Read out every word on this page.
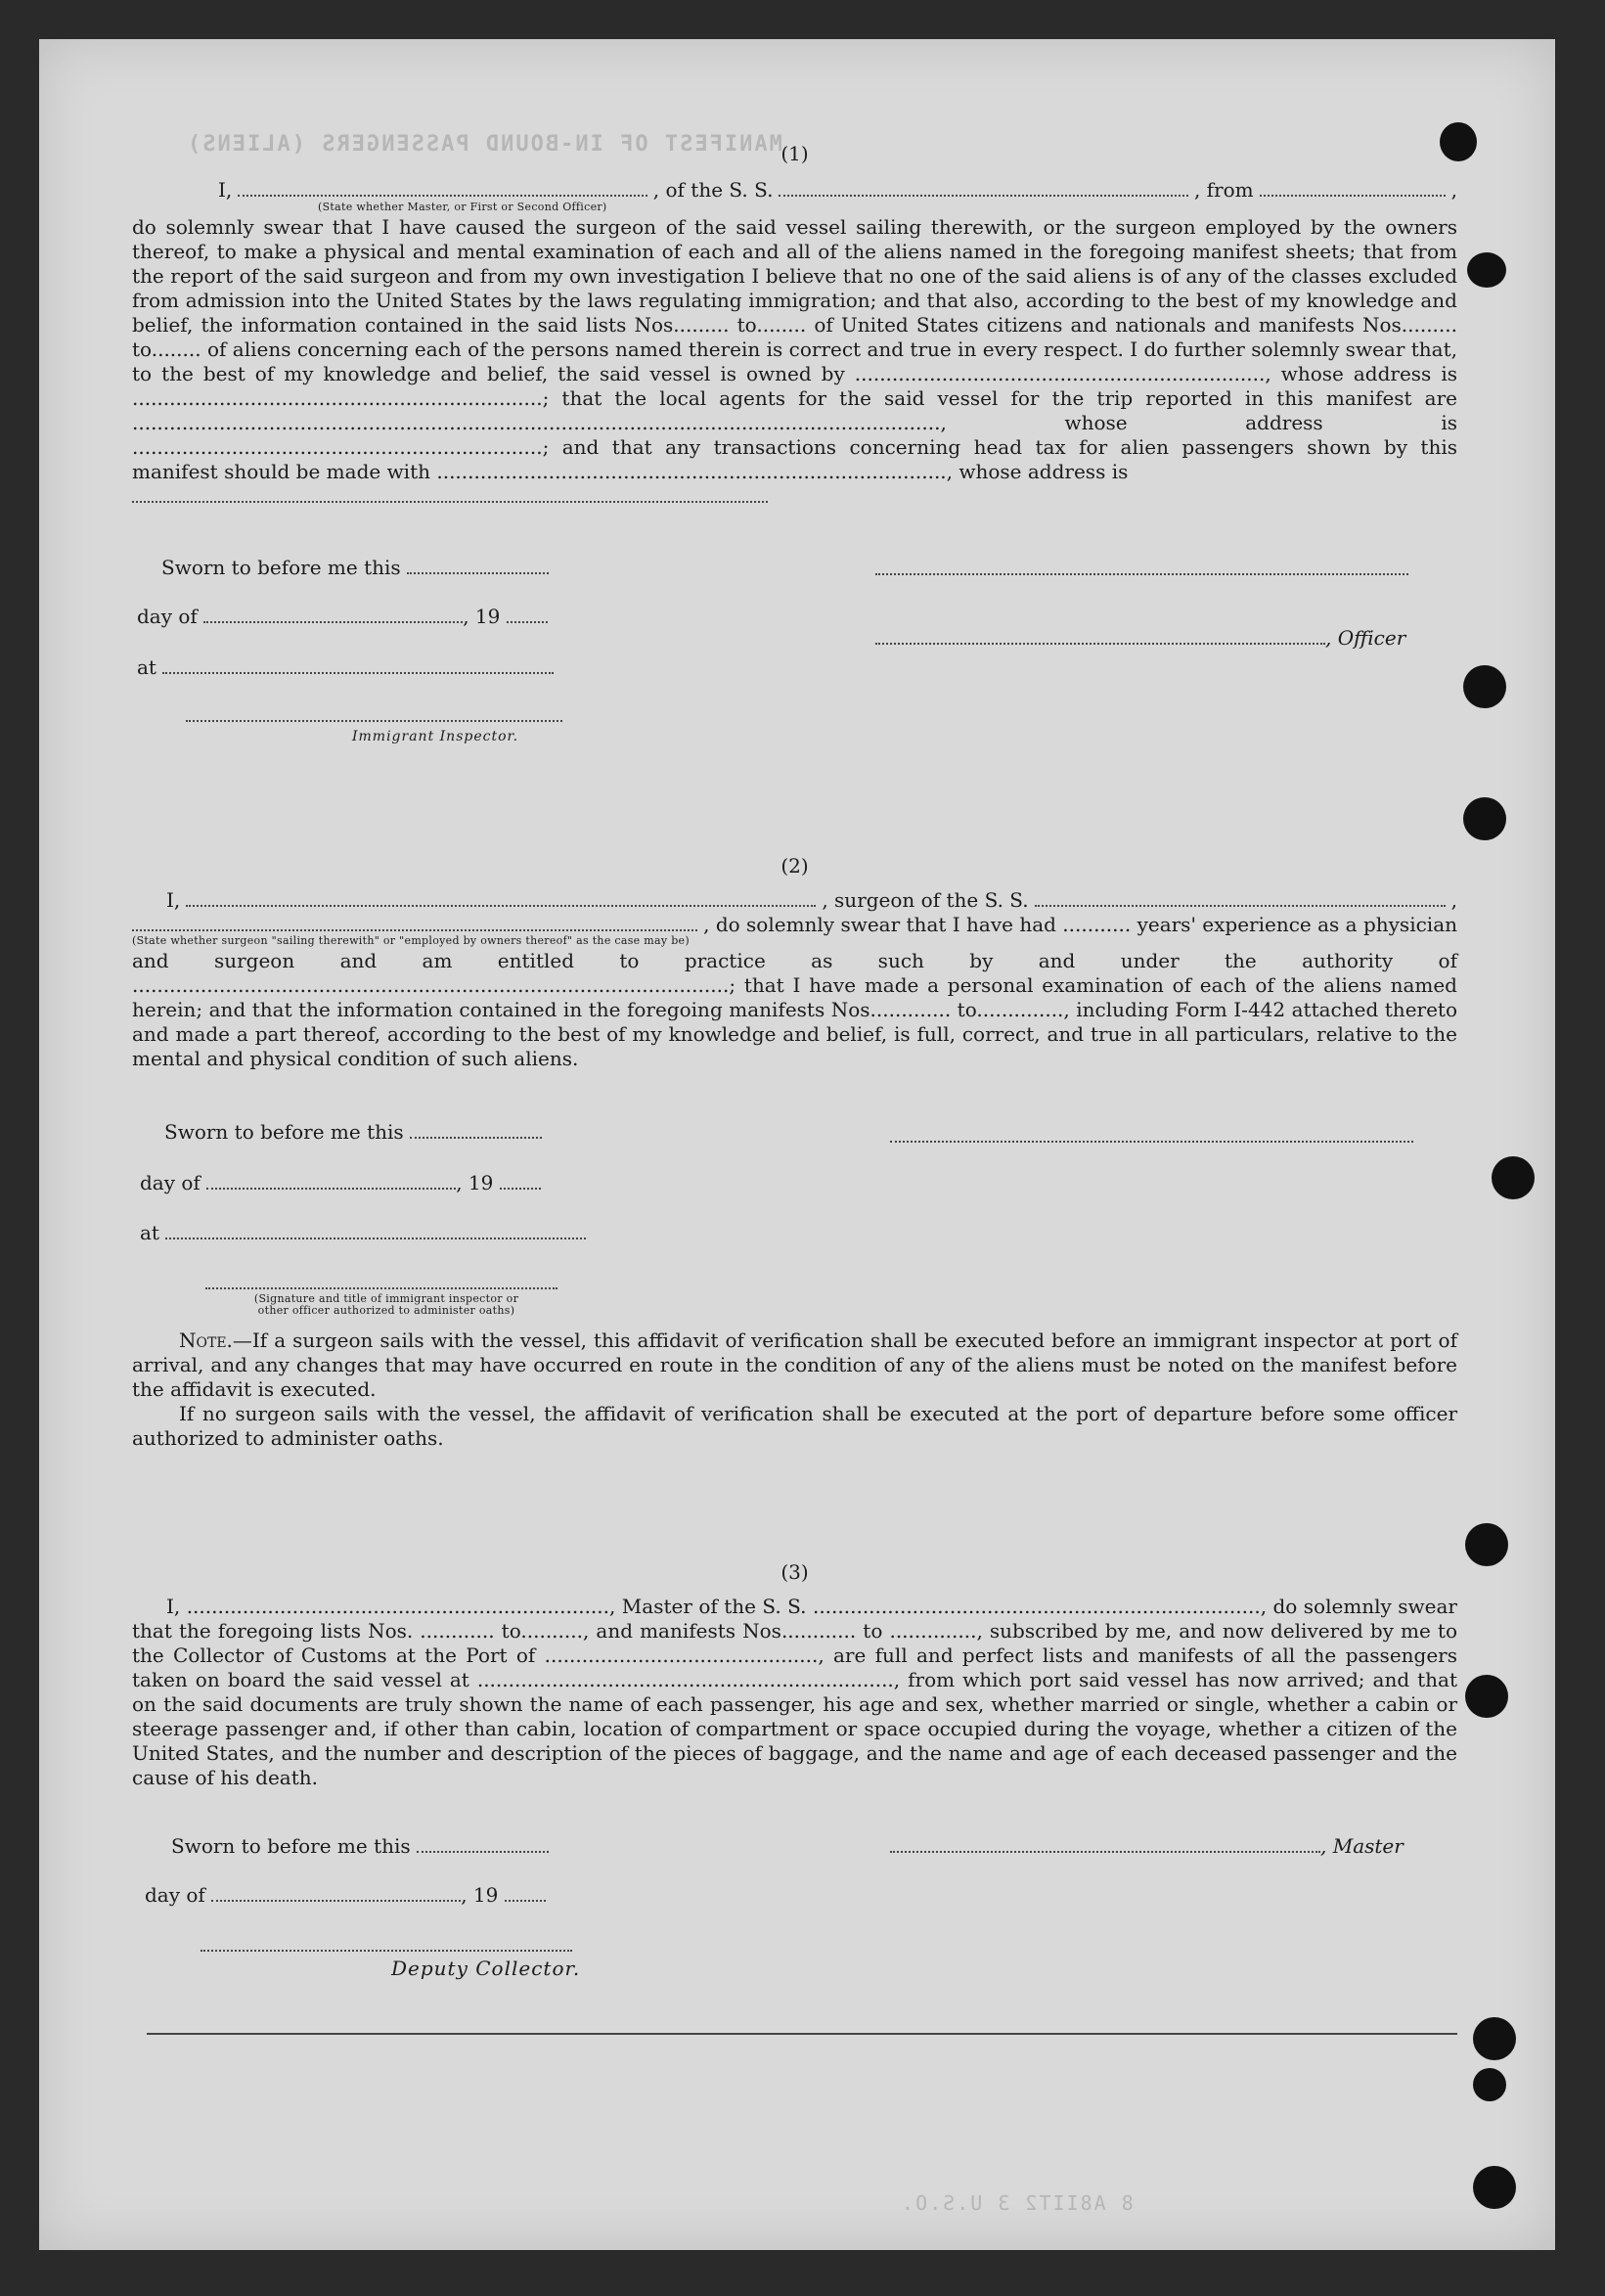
MANIFEST OF IN-BOUND PASSENGERS (ALIENS)
8 A8IIT2 3 U.S.O.
(1)
I,	, of the S. S.	, from	,
(State whether Master, or First or Second Officer)

do solemnly swear that I have caused the surgeon of the said vessel sailing therewith, or the surgeon employed by the owners thereof, to make a physical and mental examination of each and all of the aliens named in the foregoing manifest sheets; that from the report of the said surgeon and from my own investigation I believe that no one of the said aliens is of any of the classes excluded from admission into the United States by the laws regulating immigration; and that also, according to the best of my knowledge and belief, the information contained in the said lists Nos......... to........ of United States citizens and nationals and manifests Nos......... to........ of aliens concerning each of the persons named therein is correct and true in every respect. I do further solemnly swear that, to the best of my knowledge and belief, the said vessel is owned by .................................................................., whose address is ..................................................................; that the local agents for the said vessel for the trip reported in this manifest are .................................................................................................................................., whose address is ..................................................................; and that any transactions concerning head tax for alien passengers shown by this manifest should be made with .................................................................................., whose address is

Sworn to before me this
day of	, 19
at
Immigrant Inspector.
, Officer
(2)
I,	, surgeon of the S. S.	,
, do solemnly swear that I have had ........... years' experience as a physician
(State whether surgeon "sailing therewith" or "employed by owners thereof" as the case may be)

and surgeon and am entitled to practice as such by and under the authority of ................................................................................................; that I have made a personal examination of each of the aliens named herein; and that the information contained in the foregoing manifests Nos............. to.............., including Form I-442 attached thereto and made a part thereof, according to the best of my knowledge and belief, is full, correct, and true in all particulars, relative to the mental and physical condition of such aliens.

Sworn to before me this
day of	, 19
at
(Signature and title of immigrant inspector or
other officer authorized to administer oaths)

Note.—If a surgeon sails with the vessel, this affidavit of verification shall be executed before an immigrant inspector at port of arrival, and any changes that may have occurred en route in the condition of any of the aliens must be noted on the manifest before the affidavit is executed.

If no surgeon sails with the vessel, the affidavit of verification shall be executed at the port of departure before some officer authorized to administer oaths.

(3)

I, ...................................................................., Master of the S. S. ........................................................................, do solemnly swear that the foregoing lists Nos. ............ to.........., and manifests Nos............ to .............., subscribed by me, and now delivered by me to the Collector of Customs at the Port of ............................................, are full and perfect lists and manifests of all the passengers taken on board the said vessel at ..................................................................., from which port said vessel has now arrived; and that on the said documents are truly shown the name of each passenger, his age and sex, whether married or single, whether a cabin or steerage passenger and, if other than cabin, location of compartment or space occupied during the voyage, whether a citizen of the United States, and the number and description of the pieces of baggage, and the name and age of each deceased passenger and the cause of his death.

Sworn to before me this	, Master
day of	, 19
Deputy Collector.
